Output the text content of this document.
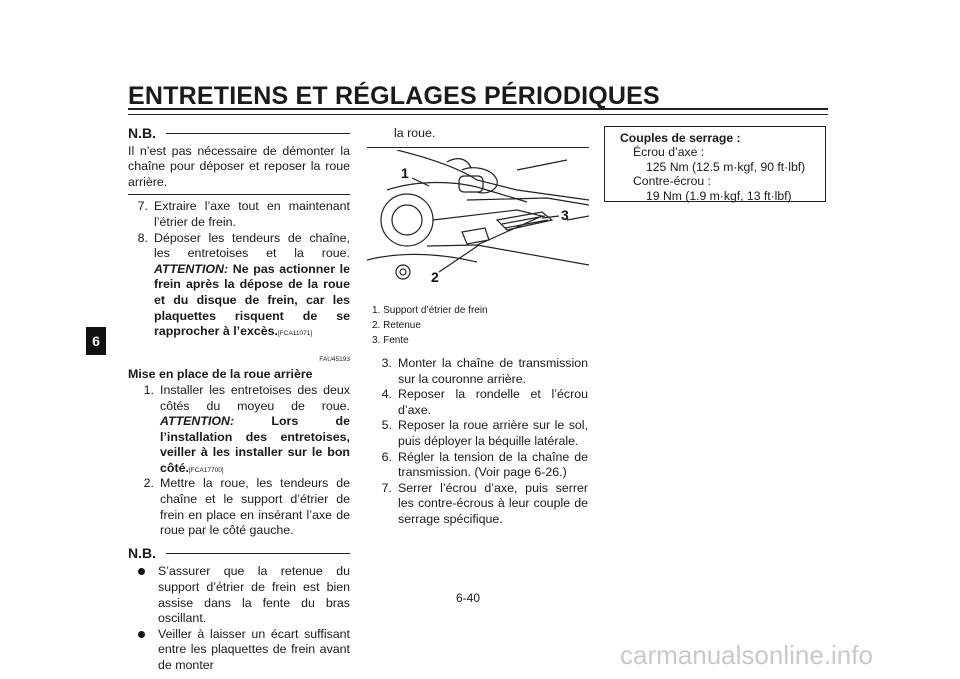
ENTRETIENS ET RÉGLAGES PÉRIODIQUES
6
N.B.
Il n’est pas nécessaire de démonter la chaîne pour déposer et reposer la roue arrière.
7. Extraire l’axe tout en maintenant l’étrier de frein.
8. Déposer les tendeurs de chaîne, les entretoises et la roue. ATTENTION: Ne pas actionner le frein après la dépose de la roue et du disque de frein, car les plaquettes risquent de se rapprocher à l’excès.[FCA11071]
FAU45193
Mise en place de la roue arrière
1. Installer les entretoises des deux côtés du moyeu de roue. ATTENTION:	Lors de l’installation des entretoises, veiller à les installer sur le bon côté.[FCA17700]
2. Mettre la roue, les tendeurs de chaîne et le support d’étrier de frein en place en insérant l’axe de roue par le côté gauche.
N.B.
S’assurer que la retenue du support d’étrier de frein est bien assise dans la fente du bras oscillant.
Veiller à laisser un écart suffisant entre les plaquettes de frein avant de monter
la roue.
1
2
3
1. Support d’étrier de frein
2. Retenue
3. Fente
3. Monter la chaîne de transmission sur la couronne arrière.
4. Reposer la rondelle et l’écrou d’axe.
5. Reposer la roue arrière sur le sol, puis déployer la béquille latérale.
6. Régler la tension de la chaîne de transmission. (Voir page 6-26.)
7. Serrer l’écrou d’axe, puis serrer les contre-écrous à leur couple de serrage spécifique.
Couples de serrage :
Écrou d’axe :
125 Nm (12.5 m·kgf, 90 ft·lbf)
Contre-écrou :
19 Nm (1.9 m·kgf, 13 ft·lbf)
6-40
carmanualsonline.info
